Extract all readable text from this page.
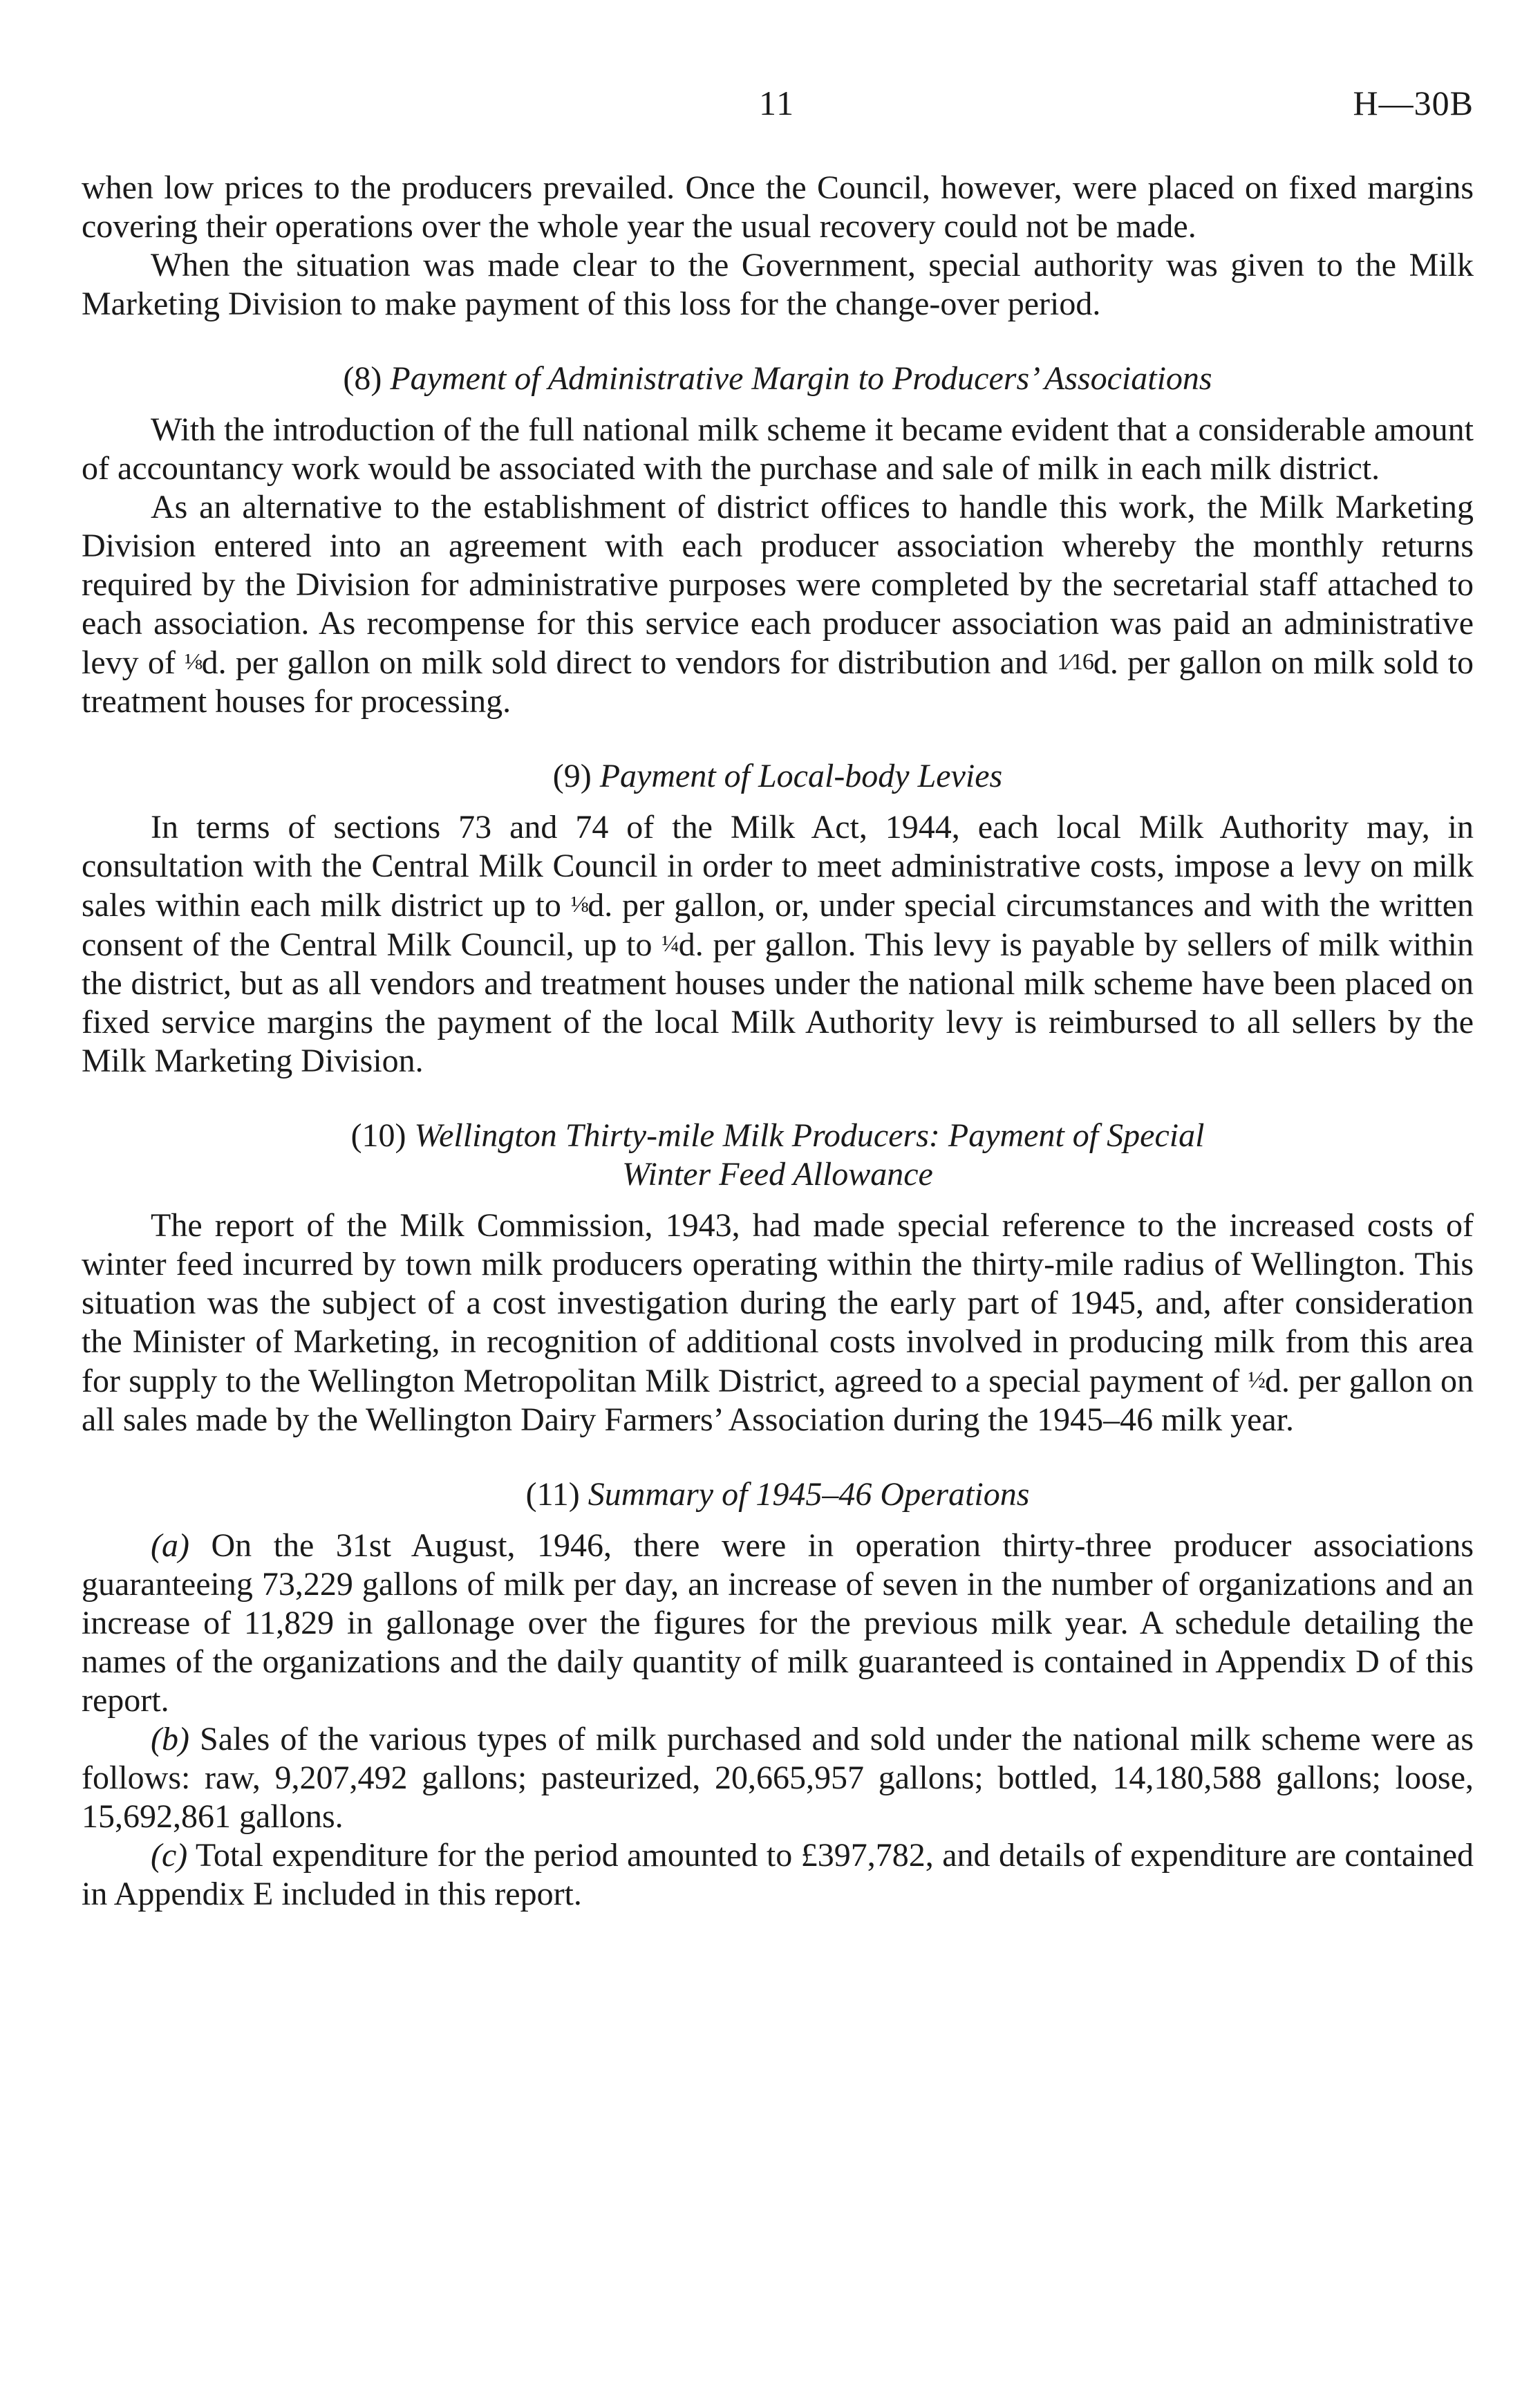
11	H—30B

when low prices to the producers prevailed. Once the Council, however, were placed on fixed margins covering their operations over the whole year the usual recovery could not be made.

When the situation was made clear to the Government, special authority was given to the Milk Marketing Division to make payment of this loss for the change-over period.

(8) Payment of Administrative Margin to Producers’ Associations

With the introduction of the full national milk scheme it became evident that a considerable amount of accountancy work would be associated with the purchase and sale of milk in each milk district.

As an alternative to the establishment of district offices to handle this work, the Milk Marketing Division entered into an agreement with each producer association whereby the monthly returns required by the Division for administrative purposes were completed by the secretarial staff attached to each association. As recompense for this service each producer association was paid an administrative levy of ⅛d. per gallon on milk sold direct to vendors for distribution and 1⁄16d. per gallon on milk sold to treatment houses for processing.

(9) Payment of Local-body Levies

In terms of sections 73 and 74 of the Milk Act, 1944, each local Milk Authority may, in consultation with the Central Milk Council in order to meet administrative costs, impose a levy on milk sales within each milk district up to ⅛d. per gallon, or, under special circumstances and with the written consent of the Central Milk Council, up to ¼d. per gallon. This levy is payable by sellers of milk within the district, but as all vendors and treatment houses under the national milk scheme have been placed on fixed service margins the payment of the local Milk Authority levy is reimbursed to all sellers by the Milk Marketing Division.

(10) Wellington Thirty-mile Milk Producers: Payment of Special
Winter Feed Allowance

The report of the Milk Commission, 1943, had made special reference to the increased costs of winter feed incurred by town milk producers operating within the thirty-mile radius of Wellington. This situation was the subject of a cost investigation during the early part of 1945, and, after consideration the Minister of Marketing, in recognition of additional costs involved in producing milk from this area for supply to the Wellington Metropolitan Milk District, agreed to a special payment of ½d. per gallon on all sales made by the Wellington Dairy Farmers’ Association during the 1945–46 milk year.

(11) Summary of 1945–46 Operations

(a) On the 31st August, 1946, there were in operation thirty-three producer associations guaranteeing 73,229 gallons of milk per day, an increase of seven in the number of organizations and an increase of 11,829 in gallonage over the figures for the previous milk year. A schedule detailing the names of the organizations and the daily quantity of milk guaranteed is contained in Appendix D of this report.

(b) Sales of the various types of milk purchased and sold under the national milk scheme were as follows: raw, 9,207,492 gallons; pasteurized, 20,665,957 gallons; bottled, 14,180,588 gallons; loose, 15,692,861 gallons.

(c) Total expenditure for the period amounted to £397,782, and details of expenditure are contained in Appendix E included in this report.
